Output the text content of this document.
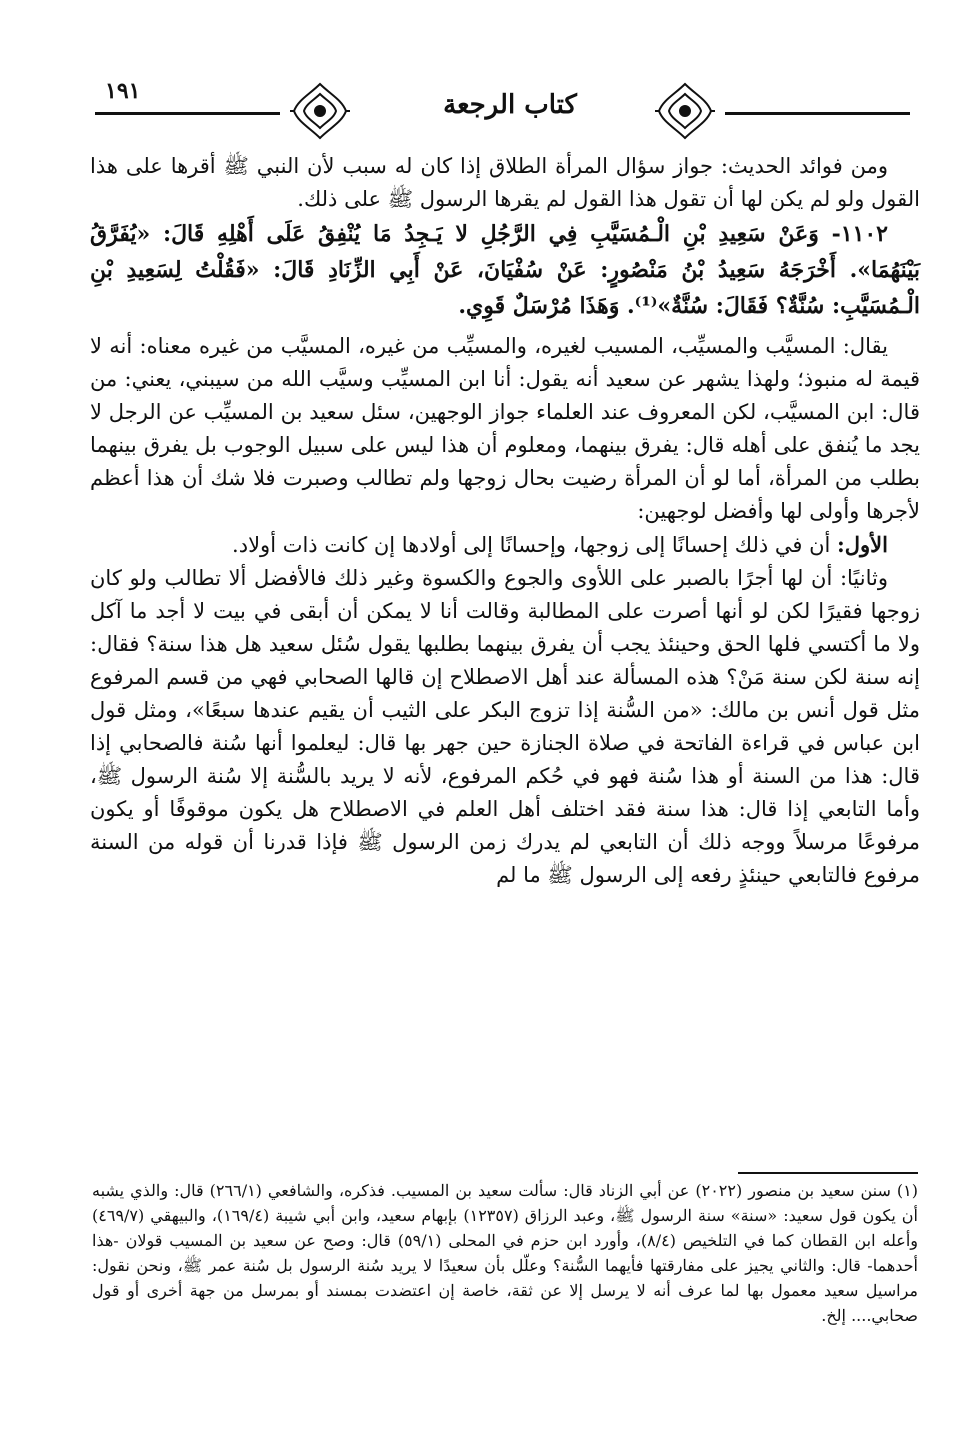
١٩١	كتاب الرجعة

ومن فوائد الحديث: جواز سؤال المرأة الطلاق إذا كان له سبب لأن النبي ﷺ أقرها على هذا القول ولو لم يكن لها أن تقول هذا القول لم يقرها الرسول ﷺ على ذلك.

١١٠٢- وَعَنْ سَعِيدِ بْنِ الْـمُسَيَّبِ فِي الرَّجُلِ لا يَـجِدُ مَا يُنْفِقُ عَلَى أَهْلِهِ قَالَ: «يُفَرَّقُ بَيْنَهُمَا». أَخْرَجَهُ سَعِيدُ بْنُ مَنْصُورٍ: عَنْ سُفْيَانَ، عَنْ أَبِي الزِّنَادِ قَالَ: «فَقُلْتُ لِسَعِيدِ بْنِ الْـمُسَيَّبِ: سُنَّةٌ؟ فَقَالَ: سُنَّةٌ»⁽¹⁾. وَهَذَا مُرْسَلٌ قَوِي.

يقال: المسيَّب والمسيِّب، المسيب لغيره، والمسيِّب من غيره، المسيَّب من غيره معناه: أنه لا قيمة له منبوذ؛ ولهذا يشهر عن سعيد أنه يقول: أنا ابن المسيِّب وسيَّب الله من سيبني، يعني: من قال: ابن المسيَّب، لكن المعروف عند العلماء جواز الوجهين، سئل سعيد بن المسيِّب عن الرجل لا يجد ما يُنفق على أهله قال: يفرق بينهما، ومعلوم أن هذا ليس على سبيل الوجوب بل يفرق بينهما بطلب من المرأة، أما لو أن المرأة رضيت بحال زوجها ولم تطالب وصبرت فلا شك أن هذا أعظم لأجرها وأولى لها وأفضل لوجهين:

الأول: أن في ذلك إحسانًا إلى زوجها، وإحسانًا إلى أولادها إن كانت ذات أولاد.

وثانيًا: أن لها أجرًا بالصبر على اللأوى والجوع والكسوة وغير ذلك فالأفضل ألا تطالب ولو كان زوجها فقيرًا لكن لو أنها أصرت على المطالبة وقالت أنا لا يمكن أن أبقى في بيت لا أجد ما آكل ولا ما أكتسي فلها الحق وحينئذ يجب أن يفرق بينهما بطلبها يقول سُئل سعيد هل هذا سنة؟ فقال: إنه سنة لكن سنة مَنْ؟ هذه المسألة عند أهل الاصطلاح إن قالها الصحابي فهي من قسم المرفوع مثل قول أنس بن مالك: «من السُّنة إذا تزوج البكر على الثيب أن يقيم عندها سبعًا»، ومثل قول ابن عباس في قراءة الفاتحة في صلاة الجنازة حين جهر بها قال: ليعلموا أنها سُنة فالصحابي إذا قال: هذا من السنة أو هذا سُنة فهو في حُكم المرفوع، لأنه لا يريد بالسُّنة إلا سُنة الرسول ﷺ، وأما التابعي إذا قال: هذا سنة فقد اختلف أهل العلم في الاصطلاح هل يكون موقوفًا أو يكون مرفوعًا مرسلاً ووجه ذلك أن التابعي لم يدرك زمن الرسول ﷺ فإذا قدرنا أن قوله من السنة مرفوع فالتابعي حينئذٍ رفعه إلى الرسول ﷺ ما لم

(١) سنن سعيد بن منصور (٢٠٢٢) عن أبي الزناد قال: سألت سعيد بن المسيب. فذكره، والشافعي (٢٦٦/١) قال: والذي يشبه أن يكون قول سعيد: «سنة» سنة الرسول ﷺ، وعبد الرزاق (١٢٣٥٧) بإبهام سعيد، وابن أبي شيبة (١٦٩/٤)، والبيهقي (٤٦٩/٧) وأعله ابن القطان كما في التلخيص (٨/٤)، وأورد ابن حزم في المحلى (٥٩/١) قال: وصح عن سعيد بن المسيب قولان -هذا أحدهما- قال: والثاني يجيز على مفارقتها فأيهما السُّنة؟ وعلّل بأن سعيدًا لا يريد سُنة الرسول بل سُنة عمر ﷺ، ونحن نقول: مراسيل سعيد معمول بها لما عرف أنه لا يرسل إلا عن ثقة، خاصة إن اعتضدت بمسند أو بمرسل من جهة أخرى أو قول صحابي.... إلخ.
